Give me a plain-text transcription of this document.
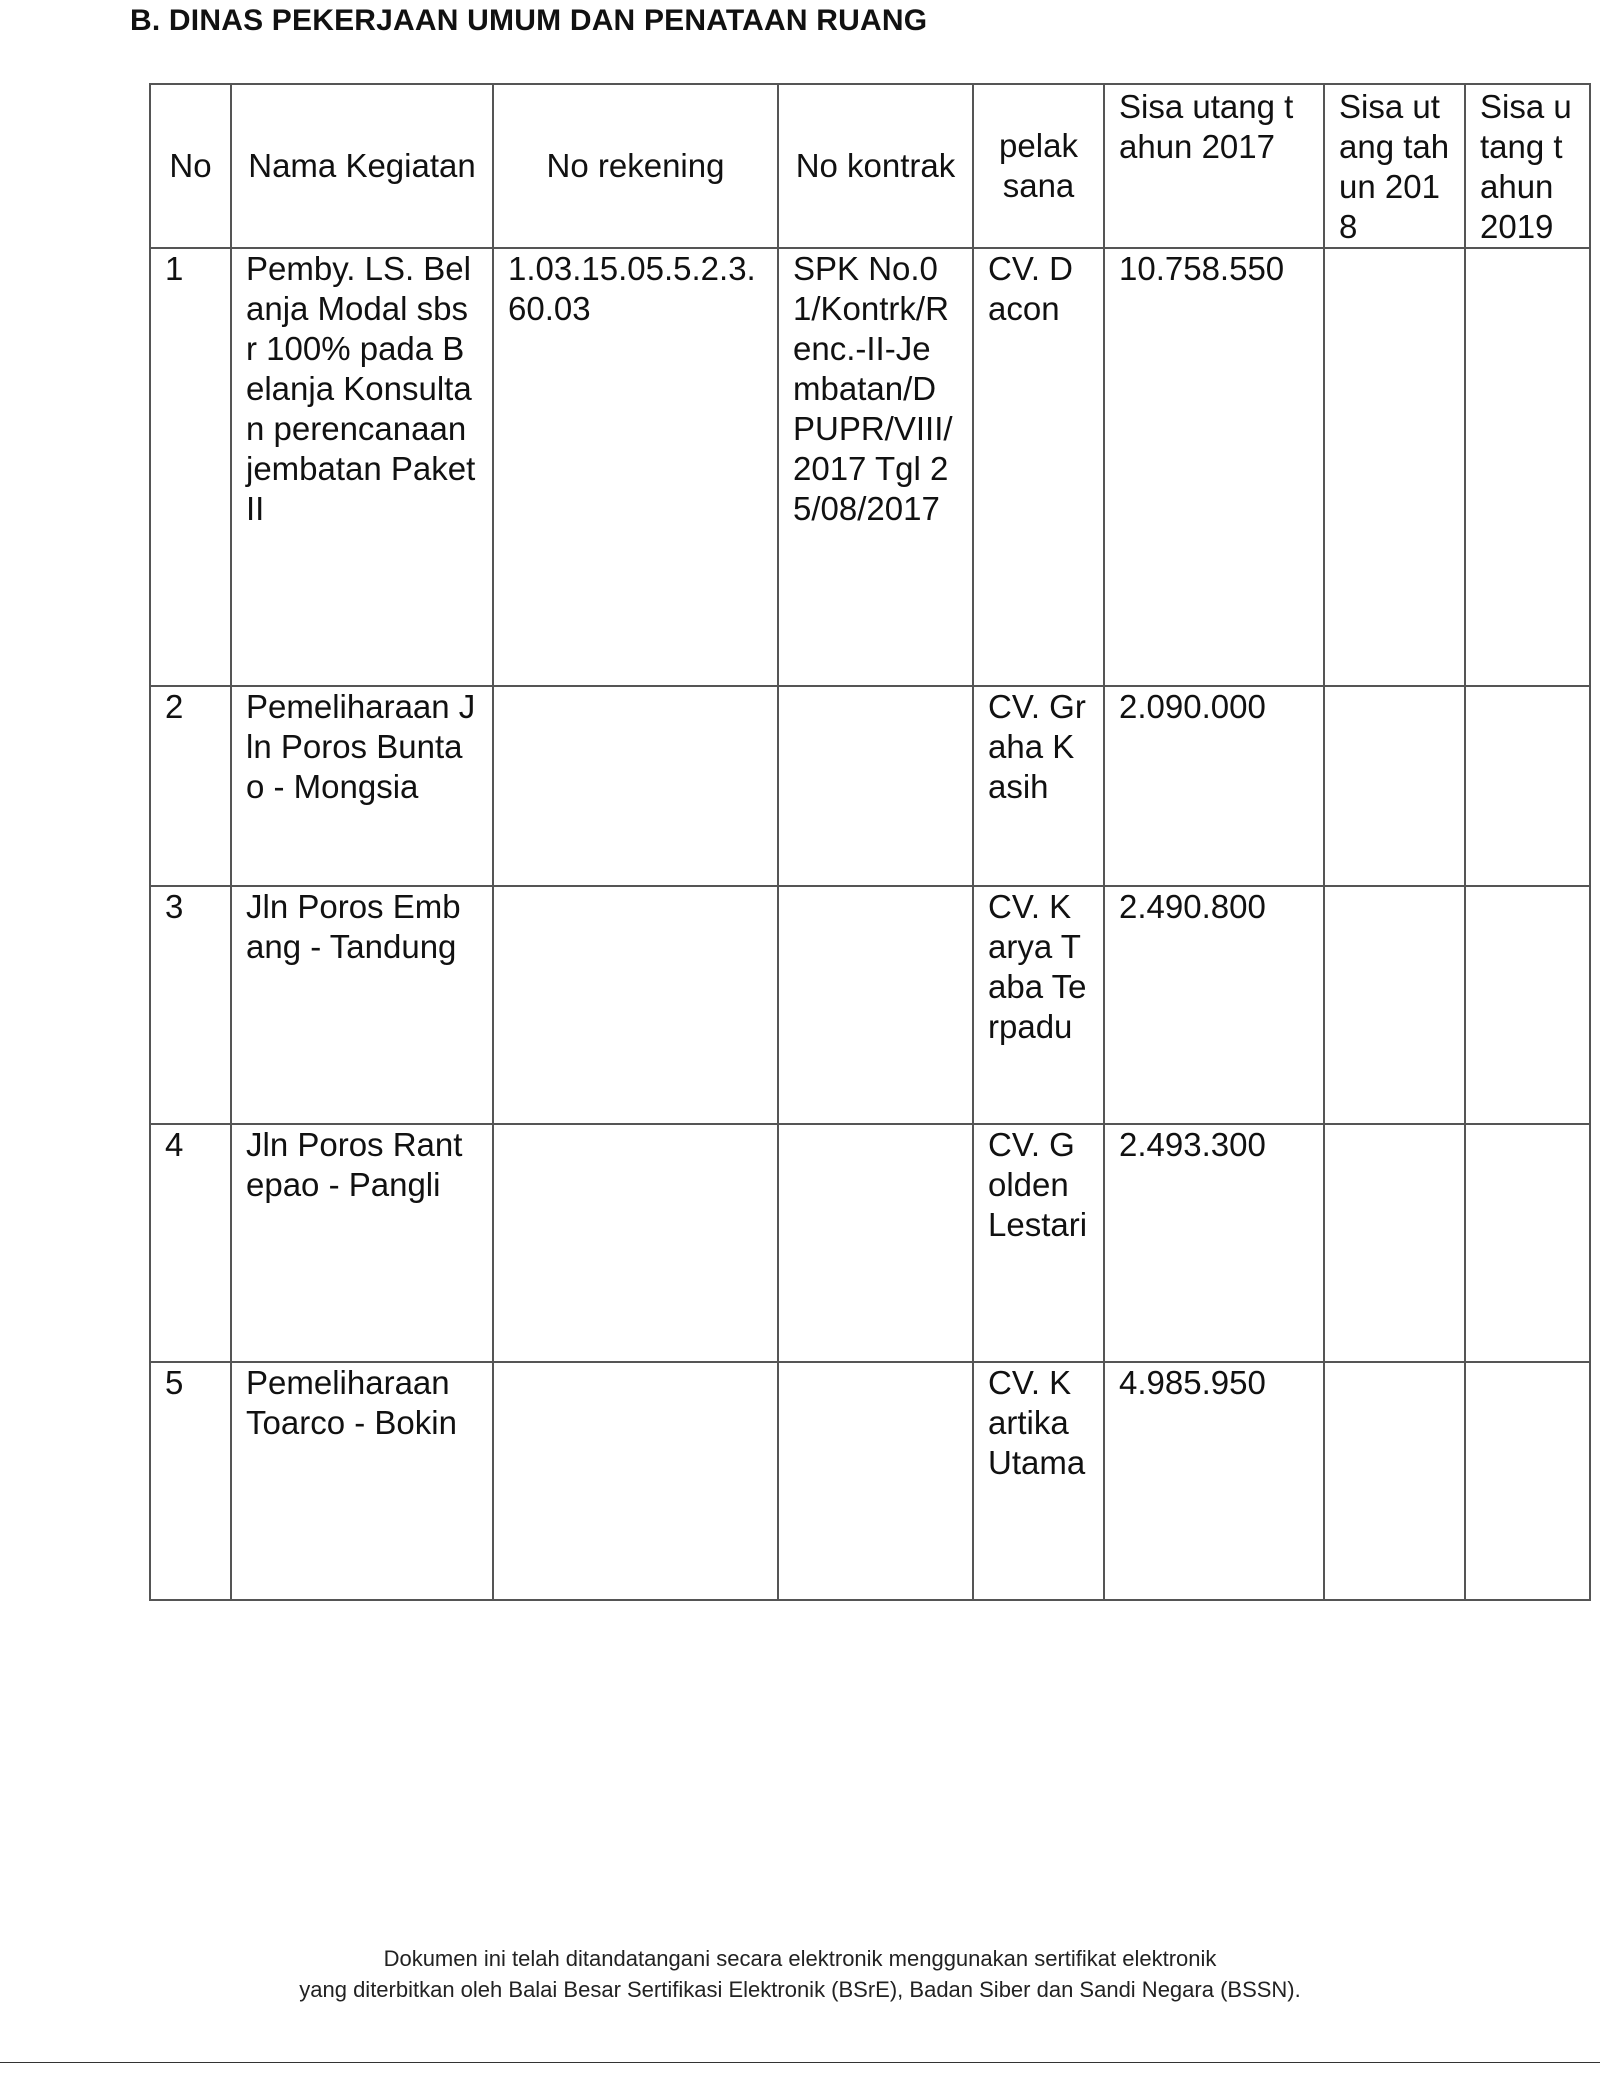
B. DINAS PEKERJAAN UMUM DAN PENATAAN RUANG
No	Nama Kegiatan	No rekening	No kontrak	pelak sana	Sisa utang tahun 2017	Sisa utang tahun 2018	Sisa utang tahun 2019
1	Pemby. LS. Belanja Modal sbsr 100% pada Belanja Konsultan perencanaan jembatan Paket II	1.03.15.05.5.2.3.60.03	SPK No.01/Kontrk/Renc.-II-Jembatan/DPUPR/VIII/2017 Tgl 25/08/2017	CV. Dacon	10.758.550		
2	Pemeliharaan Jln Poros Buntao - Mongsia			CV. Graha Kasih	2.090.000		
3	Jln Poros Embang - Tandung			CV. Karya Taba Terpadu	2.490.800		
4	Jln Poros Rantepao - Pangli			CV. Golden Lestari	2.493.300		
5	Pemeliharaan Toarco - Bokin			CV. Kartika Utama	4.985.950		
Dokumen ini telah ditandatangani secara elektronik menggunakan sertifikat elektronik
yang diterbitkan oleh Balai Besar Sertifikasi Elektronik (BSrE), Badan Siber dan Sandi Negara (BSSN).
